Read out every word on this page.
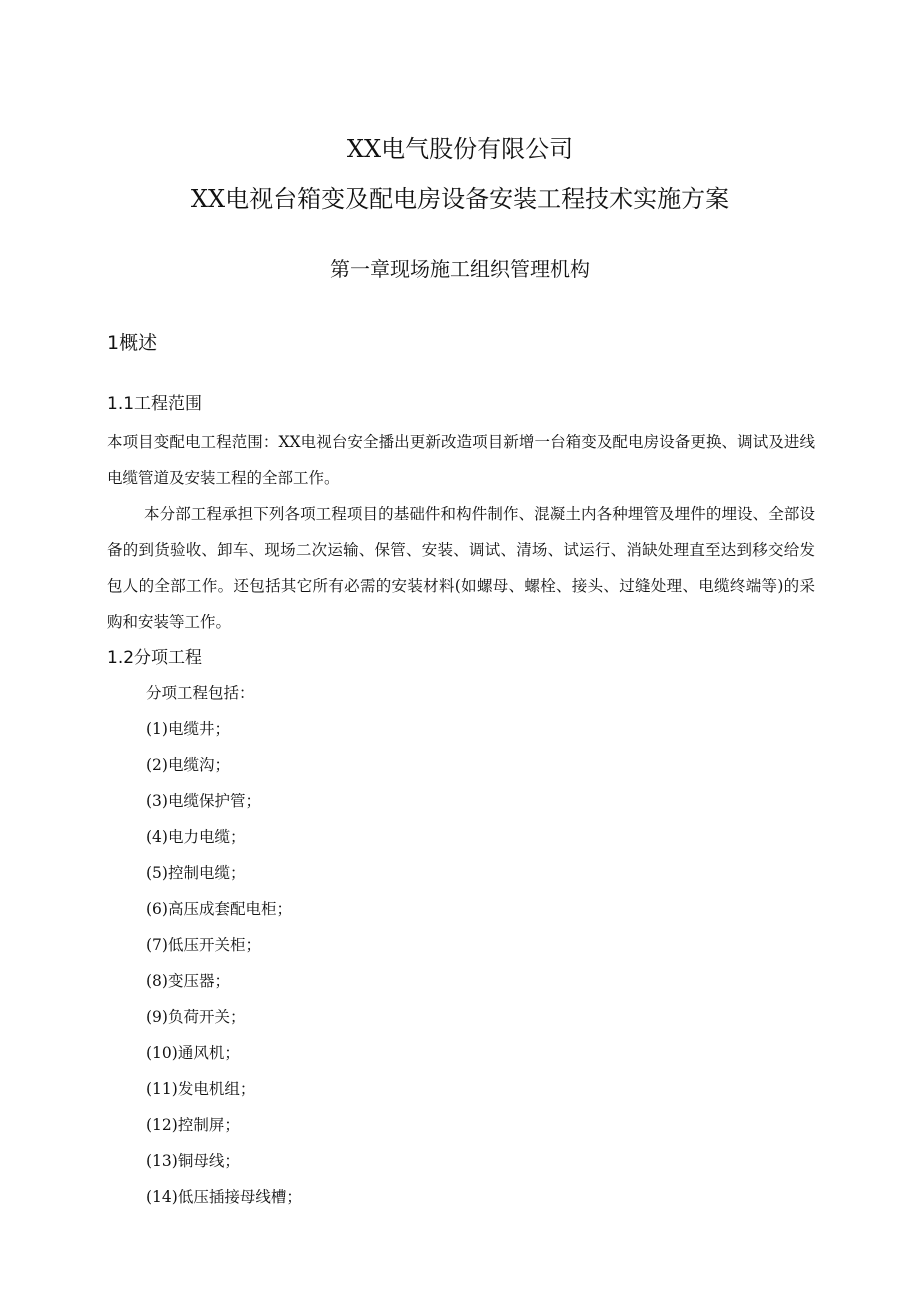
XX电气股份有限公司
XX电视台箱变及配电房设备安装工程技术实施方案
第一章现场施工组织管理机构
1概述
1.1工程范围

本项目变配电工程范围：XX电视台安全播出更新改造项目新增一台箱变及配电房设备更换、调试及进线电缆管道及安装工程的全部工作。

本分部工程承担下列各项工程项目的基础件和构件制作、混凝土内各种埋管及埋件的埋设、全部设备的到货验收、卸车、现场二次运输、保管、安装、调试、清场、试运行、消缺处理直至达到移交给发包人的全部工作。还包括其它所有必需的安装材料(如螺母、螺栓、接头、过缝处理、电缆终端等)的采购和安装等工作。

1.2分项工程
分项工程包括：
(1)电缆井；
(2)电缆沟；
(3)电缆保护管；
(4)电力电缆；
(5)控制电缆；
(6)高压成套配电柜；
(7)低压开关柜；
(8)变压器；
(9)负荷开关；
(10)通风机；
(11)发电机组；
(12)控制屏；
(13)铜母线；
(14)低压插接母线槽；
